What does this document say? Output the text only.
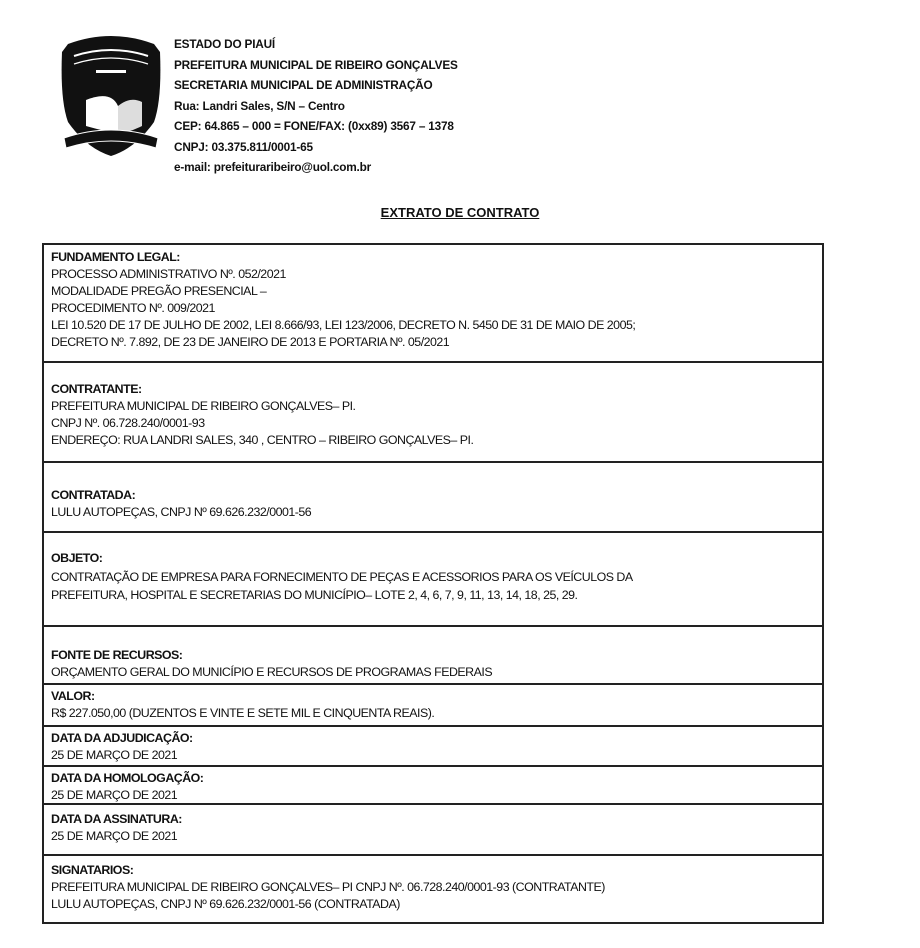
ESTADO DO PIAUÍ
PREFEITURA MUNICIPAL DE RIBEIRO GONÇALVES
SECRETARIA MUNICIPAL DE ADMINISTRAÇÃO
Rua: Landri Sales, S/N – Centro
CEP: 64.865 – 000 = FONE/FAX: (0xx89) 3567 – 1378
CNPJ: 03.375.811/0001-65
e-mail: prefeituraribeiro@uol.com.br
EXTRATO DE CONTRATO
FUNDAMENTO LEGAL:
PROCESSO ADMINISTRATIVO Nº. 052/2021
MODALIDADE PREGÃO PRESENCIAL –
PROCEDIMENTO Nº. 009/2021
LEI 10.520 DE 17 DE JULHO DE 2002, LEI 8.666/93, LEI 123/2006, DECRETO N. 5450 DE 31 DE MAIO DE 2005;
DECRETO Nº. 7.892, DE 23 DE JANEIRO DE 2013 E PORTARIA Nº. 05/2021
CONTRATANTE:
PREFEITURA MUNICIPAL DE RIBEIRO GONÇALVES– PI.
CNPJ Nº. 06.728.240/0001-93
ENDEREÇO: RUA LANDRI SALES, 340 , CENTRO – RIBEIRO GONÇALVES– PI.
CONTRATADA:
LULU AUTOPEÇAS, CNPJ Nº 69.626.232/0001-56
OBJETO:
CONTRATAÇÃO DE EMPRESA PARA FORNECIMENTO DE PEÇAS E ACESSORIOS PARA OS VEÍCULOS DA
PREFEITURA, HOSPITAL E SECRETARIAS DO MUNICÍPIO– LOTE 2, 4, 6, 7, 9, 11, 13, 14, 18, 25, 29.
FONTE DE RECURSOS:
ORÇAMENTO GERAL DO MUNICÍPIO E RECURSOS DE PROGRAMAS FEDERAIS
VALOR:
R$ 227.050,00 (DUZENTOS E VINTE E SETE MIL E CINQUENTA REAIS).
DATA DA ADJUDICAÇÃO:
25 DE MARÇO DE 2021
DATA DA HOMOLOGAÇÃO:
25 DE MARÇO DE 2021
DATA DA ASSINATURA:
25 DE MARÇO DE 2021
SIGNATARIOS:
PREFEITURA MUNICIPAL DE RIBEIRO GONÇALVES– PI CNPJ Nº. 06.728.240/0001-93 (CONTRATANTE)
LULU AUTOPEÇAS, CNPJ Nº 69.626.232/0001-56 (CONTRATADA)
